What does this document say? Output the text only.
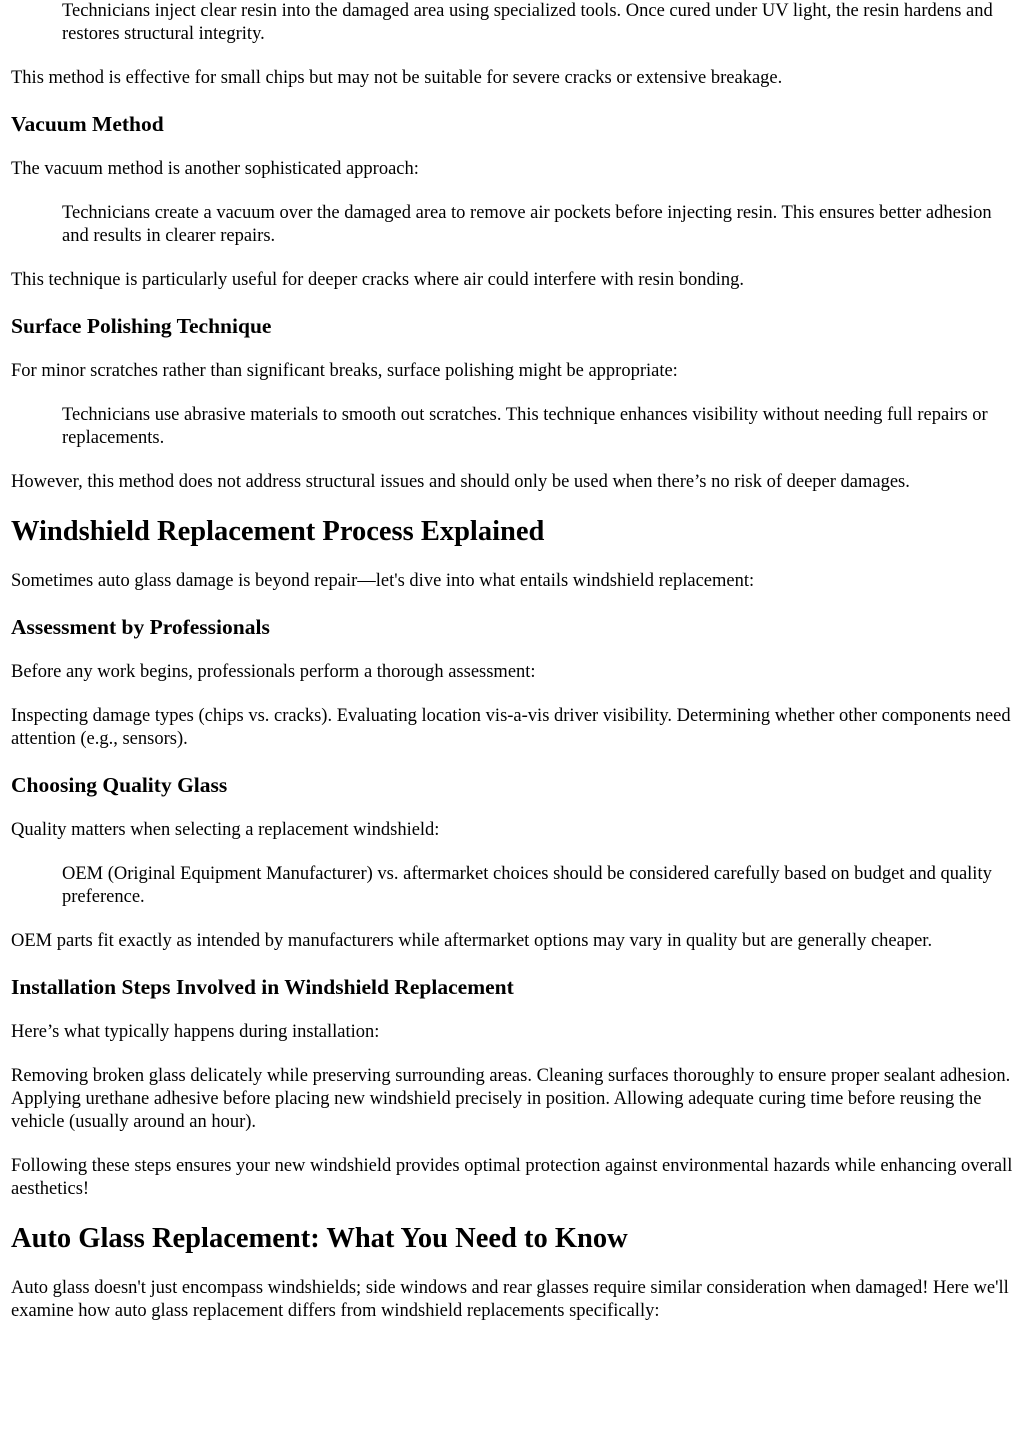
Technicians inject clear resin into the damaged area using specialized tools. Once cured under UV light, the resin hardens and restores structural integrity.

This method is effective for small chips but may not be suitable for severe cracks or extensive breakage.

Vacuum Method

The vacuum method is another sophisticated approach:

Technicians create a vacuum over the damaged area to remove air pockets before injecting resin. This ensures better adhesion and results in clearer repairs.

This technique is particularly useful for deeper cracks where air could interfere with resin bonding.

Surface Polishing Technique

For minor scratches rather than significant breaks, surface polishing might be appropriate:

Technicians use abrasive materials to smooth out scratches. This technique enhances visibility without needing full repairs or replacements.

However, this method does not address structural issues and should only be used when there’s no risk of deeper damages.

Windshield Replacement Process Explained

Sometimes auto glass damage is beyond repair—let's dive into what entails windshield replacement:

Assessment by Professionals

Before any work begins, professionals perform a thorough assessment:

Inspecting damage types (chips vs. cracks). Evaluating location vis-a-vis driver visibility. Determining whether other components need attention (e.g., sensors).

Choosing Quality Glass

Quality matters when selecting a replacement windshield:

OEM (Original Equipment Manufacturer) vs. aftermarket choices should be considered carefully based on budget and quality preference.

OEM parts fit exactly as intended by manufacturers while aftermarket options may vary in quality but are generally cheaper.

Installation Steps Involved in Windshield Replacement

Here’s what typically happens during installation:

Removing broken glass delicately while preserving surrounding areas. Cleaning surfaces thoroughly to ensure proper sealant adhesion. Applying urethane adhesive before placing new windshield precisely in position. Allowing adequate curing time before reusing the vehicle (usually around an hour).

Following these steps ensures your new windshield provides optimal protection against environmental hazards while enhancing overall aesthetics!

Auto Glass Replacement: What You Need to Know

Auto glass doesn't just encompass windshields; side windows and rear glasses require similar consideration when damaged! Here we'll examine how auto glass replacement differs from windshield replacements specifically:
